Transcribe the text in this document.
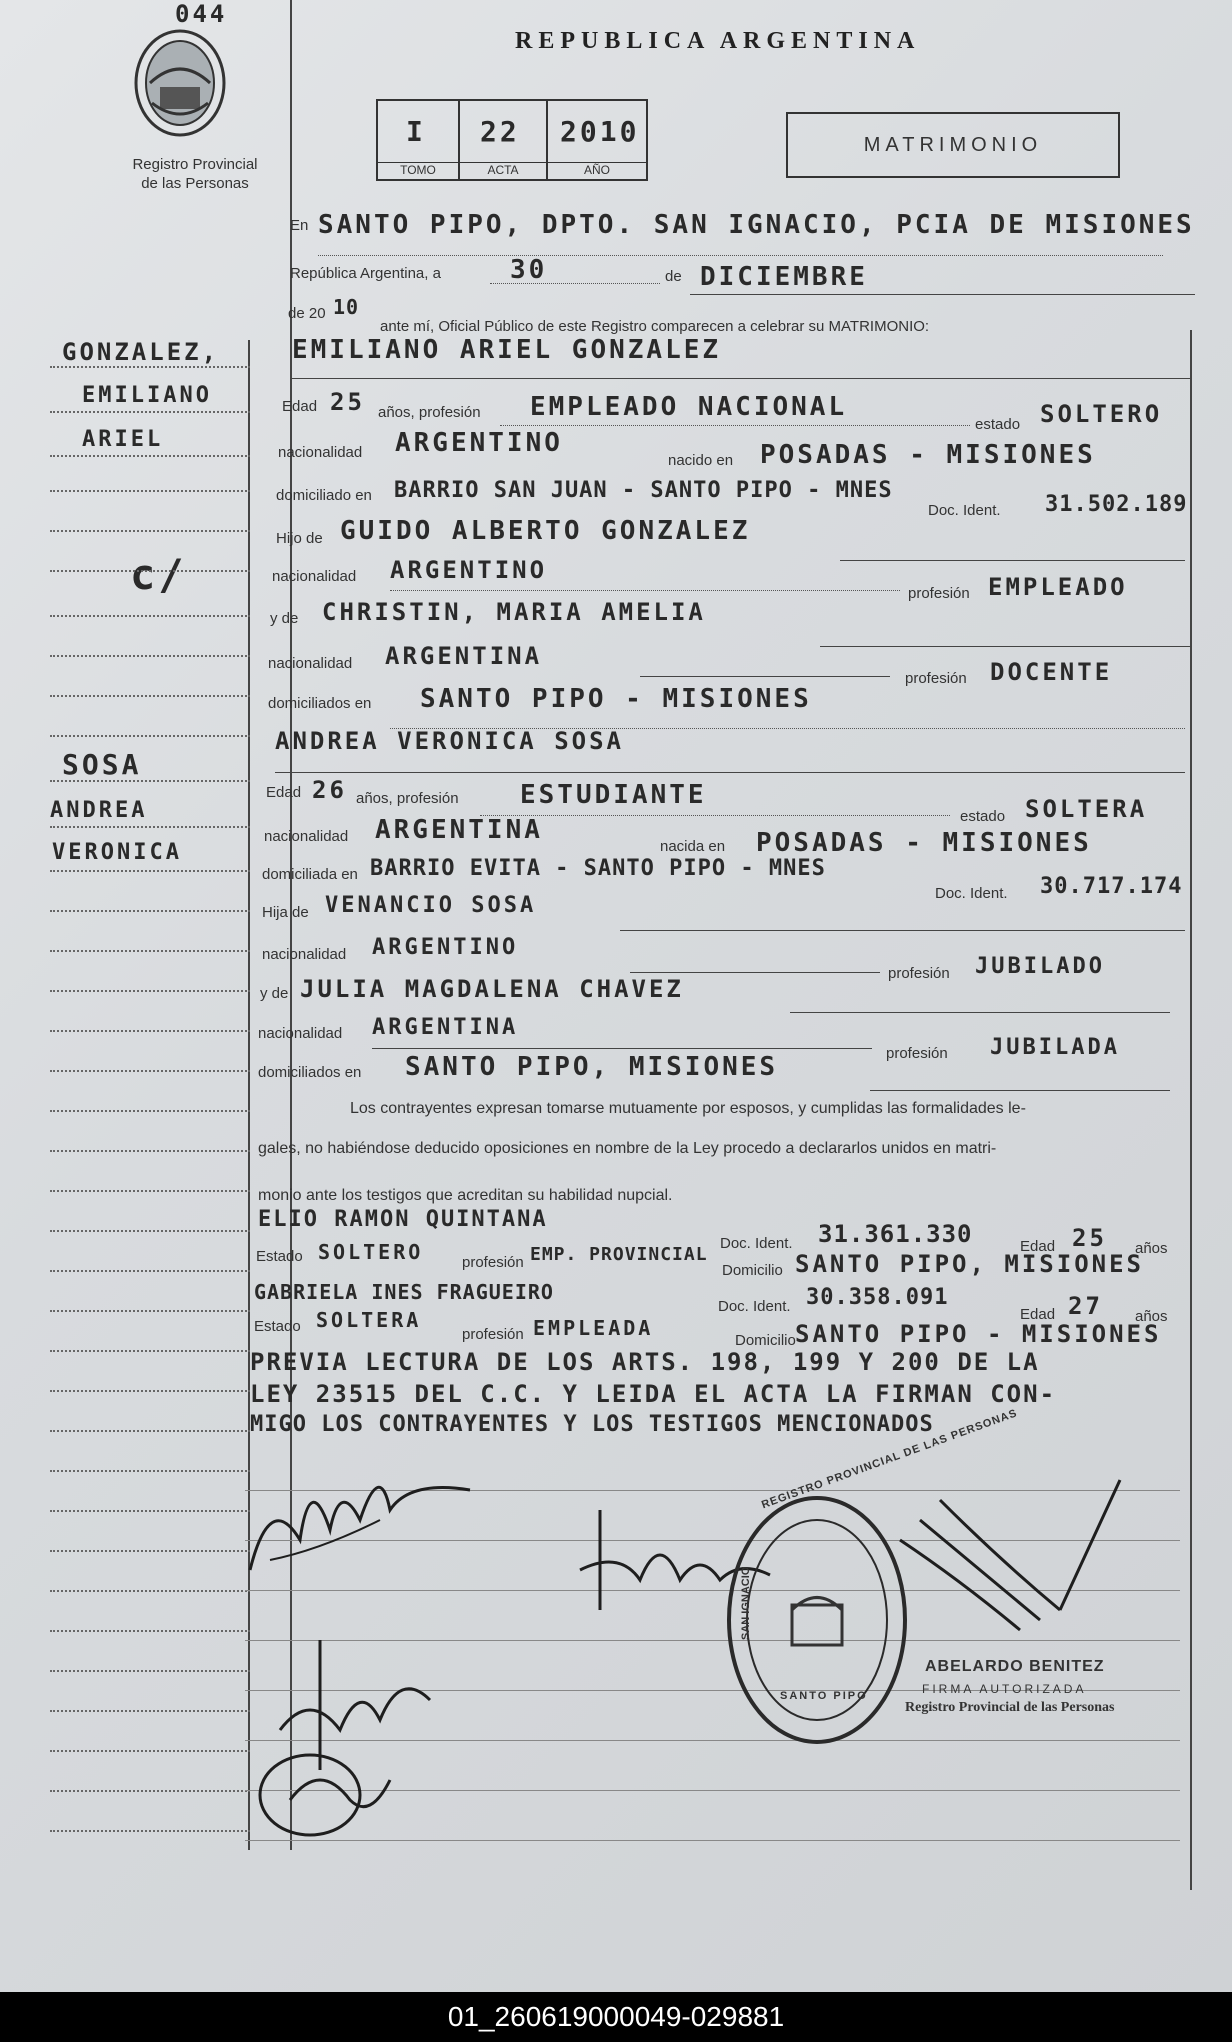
044
Registro Provincial
de las Personas
REPUBLICA ARGENTINA
I
TOMO
22
ACTA
2010
AÑO
MATRIMONIO
En SANTO PIPO, DPTO. SAN IGNACIO, PCIA DE MISIONES
República Argentina, a	30	de DICIEMBRE
de 20 10
ante mí, Oficial Público de este Registro comparecen a celebrar su MATRIMONIO:
GONZALEZ,
EMILIANO
ARIEL
c/
SOSA
ANDREA
VERONICA
EMILIANO ARIEL GONZALEZ
Edad 25 años, profesión EMPLEADO NACIONAL
estado SOLTERO
nacionalidad ARGENTINO
nacido en POSADAS - MISIONES
domiciliado en BARRIO SAN JUAN - SANTO PIPO - MNES
Doc. Ident. 31.502.189
Hijo de GUIDO ALBERTO GONZALEZ
nacionalidad ARGENTINO
profesión EMPLEADO
y de CHRISTIN, MARIA AMELIA
nacionalidad ARGENTINA
profesión DOCENTE
domiciliados en SANTO PIPO - MISIONES
ANDREA VERONICA SOSA
Edad 26 años, profesión ESTUDIANTE
estado SOLTERA
nacionalidad ARGENTINA
nacida en POSADAS - MISIONES
domiciliada en BARRIO EVITA - SANTO PIPO - MNES
Doc. Ident. 30.717.174
Hija de VENANCIO SOSA
nacionalidad ARGENTINO
profesión JUBILADO
y de JULIA MAGDALENA CHAVEZ
nacionalidad ARGENTINA
profesión JUBILADA
domiciliados en SANTO PIPO, MISIONES
Los contrayentes expresan tomarse mutuamente por esposos, y cumplidas las formalidades le-
gales, no habiéndose deducido oposiciones en nombre de la Ley procedo a declararlos unidos en matri-
monio ante los testigos que acreditan su habilidad nupcial.
ELIO RAMON QUINTANA
Doc. Ident. 31.361.330	Edad 25 años
Estado SOLTERO	profesión EMP. PROVINCIAL
Domicilio SANTO PIPO, MISIONES
GABRIELA INES FRAGUEIRO
Doc. Ident. 30.358.091
Edad 27 años
Estado SOLTERA
profesión EMPLEADA
Domicilio SANTO PIPO - MISIONES
PREVIA LECTURA DE LOS ARTS. 198, 199 Y 200 DE LA
LEY 23515 DEL C.C. Y LEIDA EL ACTA LA FIRMAN CON-
MIGO LOS CONTRAYENTES Y LOS TESTIGOS MENCIONADOS
REGISTRO PROVINCIAL DE LAS PERSONAS
SAN IGNACIO
SANTO PIPO
ABELARDO BENITEZ
FIRMA AUTORIZADA
Registro Provincial de las Personas
01_260619000049-029881
